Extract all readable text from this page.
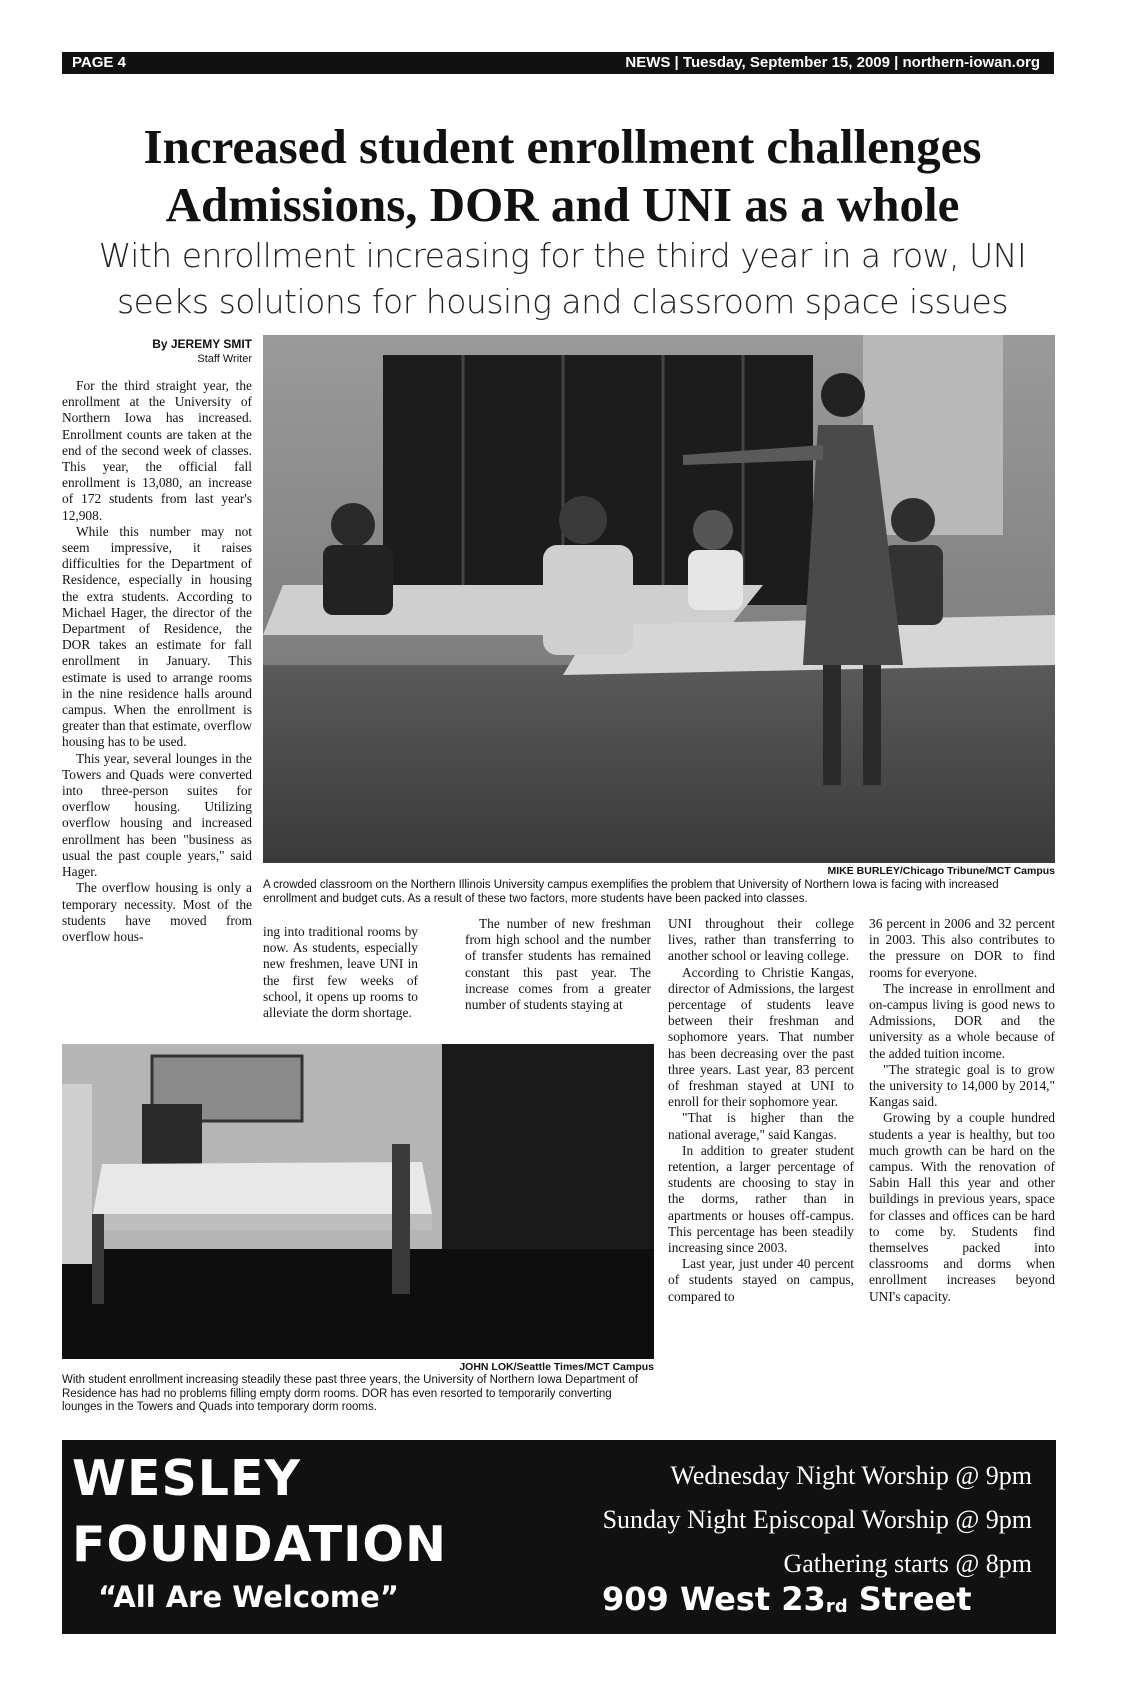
PAGE 4	NEWS | Tuesday, September 15, 2009 | northern-iowan.org
Increased student enrollment challenges
Admissions, DOR and UNI as a whole
With enrollment increasing for the third year in a row, UNI
seeks solutions for housing and classroom space issues
By JEREMY SMIT
Staff Writer

For the third straight year, the enrollment at the University of Northern Iowa has increased. Enrollment counts are taken at the end of the second week of classes. This year, the official fall enrollment is 13,080, an increase of 172 students from last year's 12,908.

While this number may not seem impressive, it raises difficulties for the Department of Residence, especially in housing the extra students. According to Michael Hager, the director of the Department of Residence, the DOR takes an estimate for fall enrollment in January. This estimate is used to arrange rooms in the nine residence halls around campus. When the enrollment is greater than that estimate, overflow housing has to be used.

This year, several lounges in the Towers and Quads were converted into three-person suites for overflow housing. Utilizing overflow housing and increased enrollment has been "business as usual the past couple years," said Hager.

The overflow housing is only a temporary necessity. Most of the students have moved from overflow hous-

MIKE BURLEY/Chicago Tribune/MCT Campus
A crowded classroom on the Northern Illinois University campus exemplifies the problem that University of Northern Iowa is facing with increased enrollment and budget cuts. As a result of these two factors, more students have been packed into classes.

ing into traditional rooms by now. As students, especially new freshmen, leave UNI in the first few weeks of school, it opens up rooms to alleviate the dorm shortage.

The number of new freshman from high school and the number of transfer students has remained constant this past year. The increase comes from a greater number of students staying at

JOHN LOK/Seattle Times/MCT Campus
With student enrollment increasing steadily these past three years, the University of Northern Iowa Department of Residence has had no problems filling empty dorm rooms. DOR has even resorted to temporarily converting lounges in the Towers and Quads into temporary dorm rooms.

UNI throughout their college lives, rather than transferring to another school or leaving college.

According to Christie Kangas, director of Admissions, the largest percentage of students leave between their freshman and sophomore years. That number has been decreasing over the past three years. Last year, 83 percent of freshman stayed at UNI to enroll for their sophomore year.

"That is higher than the national average," said Kangas.

In addition to greater student retention, a larger percentage of students are choosing to stay in the dorms, rather than in apartments or houses off-campus. This percentage has been steadily increasing since 2003.

Last year, just under 40 percent of students stayed on campus, compared to

36 percent in 2006 and 32 percent in 2003. This also contributes to the pressure on DOR to find rooms for everyone.

The increase in enrollment and on-campus living is good news to Admissions, DOR and the university as a whole because of the added tuition income.

"The strategic goal is to grow the university to 14,000 by 2014," Kangas said.

Growing by a couple hundred students a year is healthy, but too much growth can be hard on the campus. With the renovation of Sabin Hall this year and other buildings in previous years, space for classes and offices can be hard to come by. Students find themselves packed into classrooms and dorms when enrollment increases beyond UNI's capacity.

WESLEY
FOUNDATION
“All Are Welcome”
Wednesday Night Worship @ 9pm
Sunday Night Episcopal Worship @ 9pm
Gathering starts @ 8pm
909 West $23_{rd}$ Street
